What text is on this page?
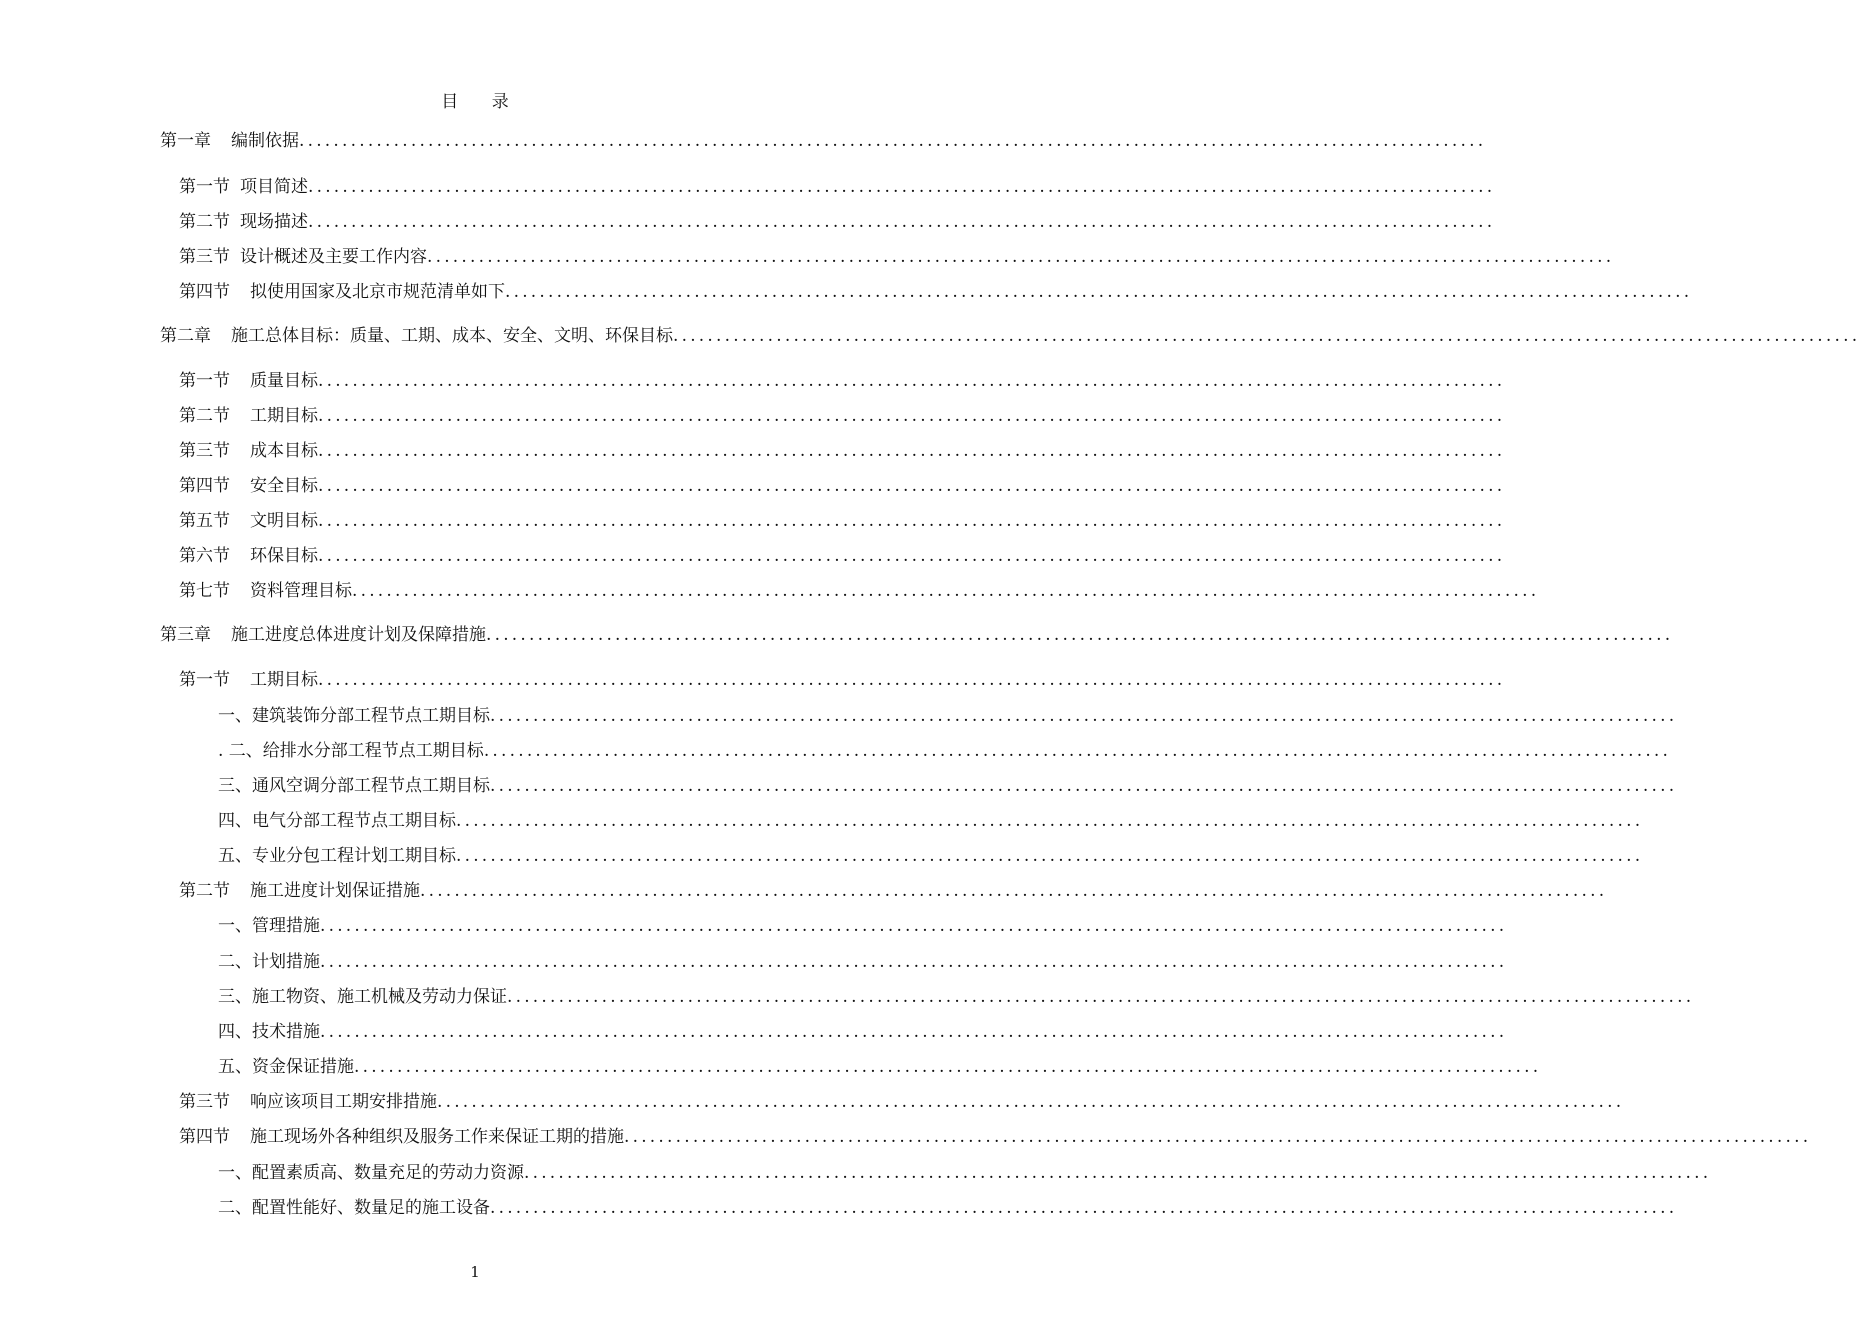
目 录
第一章 编制依据 ..........................................................................................................................................
第一节 项目简述 ..........................................................................................................................................
第二节 现场描述 ..........................................................................................................................................
第三节 设计概述及主要工作内容 ..........................................................................................................................................
第四节 拟使用国家及北京市规范清单如下 ..........................................................................................................................................
第二章 施工总体目标：质量、工期、成本、安全、文明、环保目标 ..........................................................................................................................................
第一节 质量目标 ..........................................................................................................................................
第二节 工期目标 ..........................................................................................................................................
第三节 成本目标 ..........................................................................................................................................
第四节 安全目标 ..........................................................................................................................................
第五节 文明目标 ..........................................................................................................................................
第六节 环保目标 ..........................................................................................................................................
第七节 资料管理目标 ..........................................................................................................................................
第三章 施工进度总体进度计划及保障措施 ..........................................................................................................................................
第一节 工期目标 ..........................................................................................................................................
一、建筑装饰分部工程节点工期目标 ..........................................................................................................................................
. 二、给排水分部工程节点工期目标 ..........................................................................................................................................
三、通风空调分部工程节点工期目标 ..........................................................................................................................................
四、电气分部工程节点工期目标 ..........................................................................................................................................
五、专业分包工程计划工期目标 ..........................................................................................................................................
第二节 施工进度计划保证措施 ..........................................................................................................................................
一、管理措施 ..........................................................................................................................................
二、计划措施 ..........................................................................................................................................
三、施工物资、施工机械及劳动力保证 ..........................................................................................................................................
四、技术措施 ..........................................................................................................................................
五、资金保证措施 ..........................................................................................................................................
第三节 响应该项目工期安排措施 ..........................................................................................................................................
第四节 施工现场外各种组织及服务工作来保证工期的措施 ..........................................................................................................................................
一、配置素质高、数量充足的劳动力资源 ..........................................................................................................................................
二、配置性能好、数量足的施工设备 ..........................................................................................................................................
1
